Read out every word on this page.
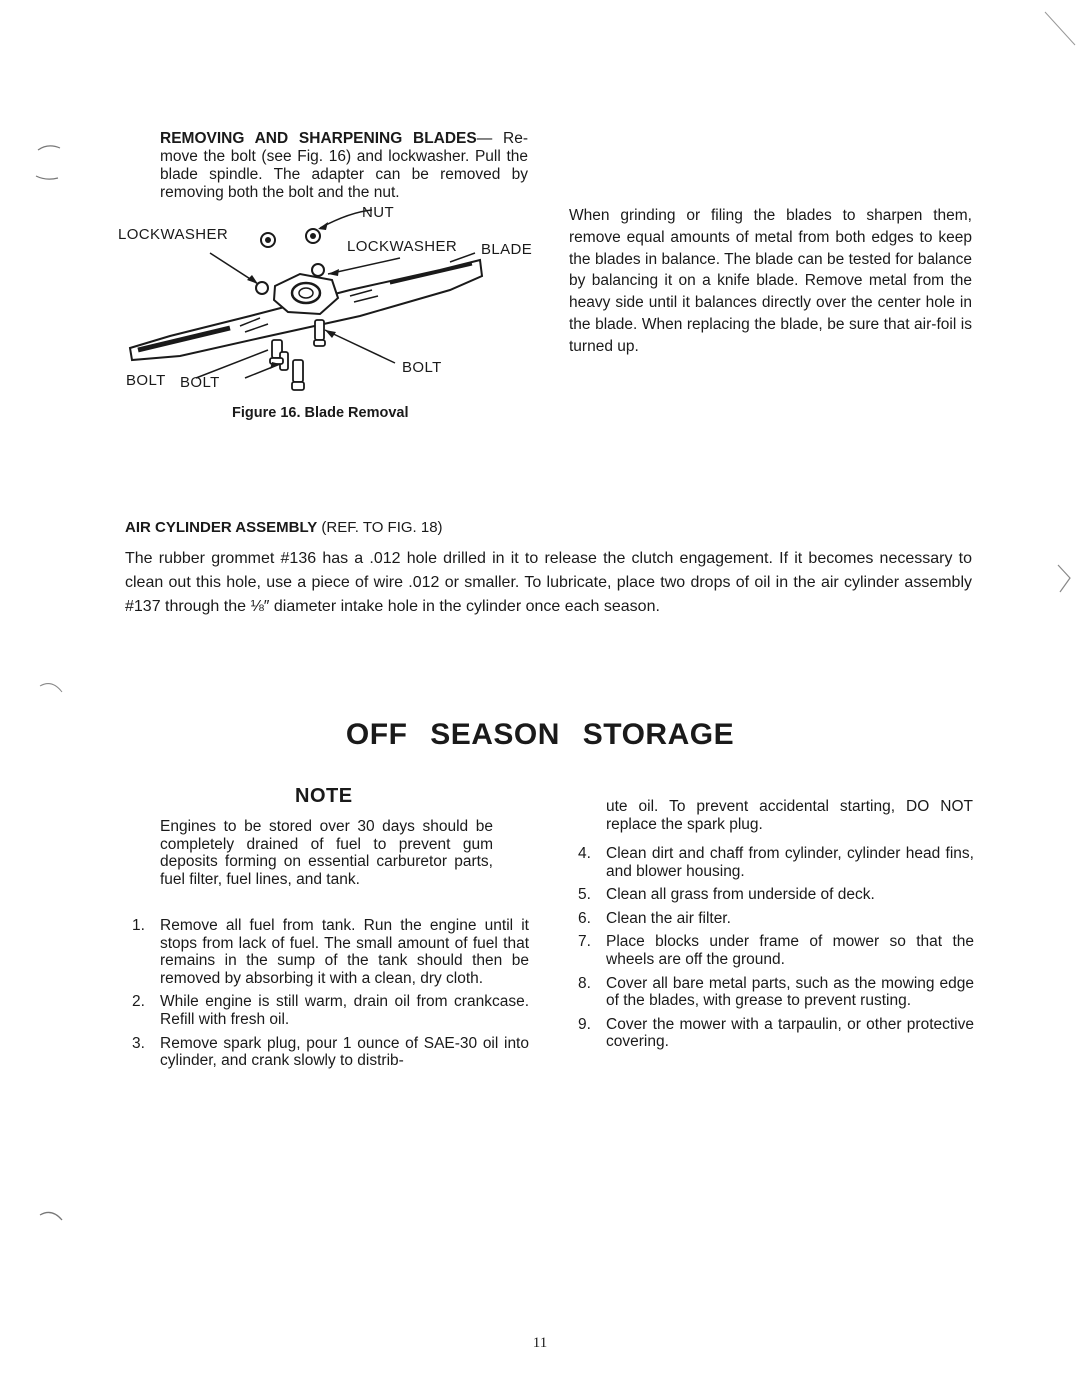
REMOVING AND SHARPENING BLADES— Remove the bolt (see Fig. 16) and lockwasher. Pull the blade spindle. The adapter can be removed by removing both the bolt and the nut.

NUT
LOCKWASHER
LOCKWASHER BLADE
BOLT BOLT
BOLT
Figure 16. Blade Removal

When grinding or filing the blades to sharpen them, remove equal amounts of metal from both edges to keep the blades in balance. The blade can be tested for balance by balancing it on a knife blade. Remove metal from the heavy side until it balances directly over the center hole in the blade. When replacing the blade, be sure that air-foil is turned up.

AIR CYLINDER ASSEMBLY (REF. TO FIG. 18)

The rubber grommet #136 has a .012 hole drilled in it to release the clutch engagement. If it becomes necessary to clean out this hole, use a piece of wire .012 or smaller. To lubricate, place two drops of oil in the air cylinder assembly #137 through the ⅛″ diameter intake hole in the cylinder once each season.

OFF SEASON STORAGE
NOTE

Engines to be stored over 30 days should be completely drained of fuel to prevent gum deposits forming on essential carburetor parts, fuel filter, fuel lines, and tank.

1. Remove all fuel from tank. Run the engine until it stops from lack of fuel. The small amount of fuel that remains in the sump of the tank should then be removed by absorbing it with a clean, dry cloth.
2. While engine is still warm, drain oil from crankcase. Refill with fresh oil.
3. Remove spark plug, pour 1 ounce of SAE-30 oil into cylinder, and crank slowly to distrib-

ute oil. To prevent accidental starting, DO NOT replace the spark plug.

4. Clean dirt and chaff from cylinder, cylinder head fins, and blower housing.
5. Clean all grass from underside of deck.
6. Clean the air filter.
7. Place blocks under frame of mower so that the wheels are off the ground.
8. Cover all bare metal parts, such as the mowing edge of the blades, with grease to prevent rusting.
9. Cover the mower with a tarpaulin, or other protective covering.
11
